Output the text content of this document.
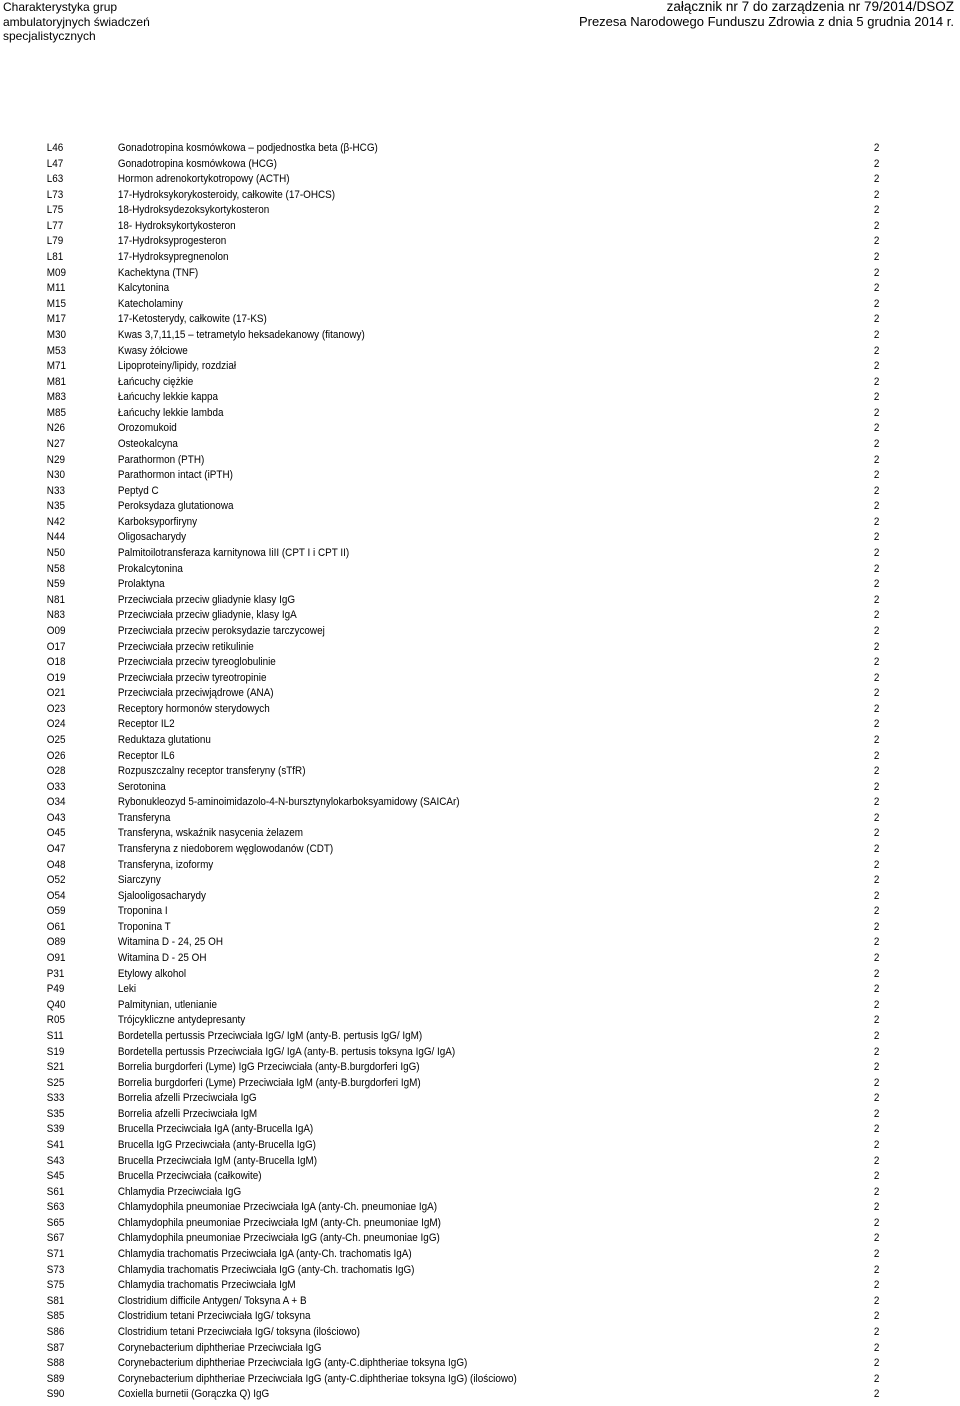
Charakterystyka grup
ambulatoryjnych świadczeń
specjalistycznych
załącznik nr 7 do zarządzenia nr 79/2014/DSOZ
Prezesa Narodowego Funduszu Zdrowia z dnia 5 grudnia 2014 r.
L46	Gonadotropina kosmówkowa – podjednostka beta (β-HCG)	2
L47	Gonadotropina kosmówkowa (HCG)	2
L63	Hormon adrenokortykotropowy (ACTH)	2
L73	17-Hydroksykorykosteroidy, całkowite (17-OHCS)	2
L75	18-Hydroksydezoksykortykosteron	2
L77	18- Hydroksykortykosteron	2
L79	17-Hydroksyprogesteron	2
L81	17-Hydroksypregnenolon	2
M09	Kachektyna (TNF)	2
M11	Kalcytonina	2
M15	Katecholaminy	2
M17	17-Ketosterydy, całkowite (17-KS)	2
M30	Kwas 3,7,11,15 – tetrametylo heksadekanowy (fitanowy)	2
M53	Kwasy żółciowe	2
M71	Lipoproteiny/lipidy, rozdział	2
M81	Łańcuchy ciężkie	2
M83	Łańcuchy lekkie kappa	2
M85	Łańcuchy lekkie lambda	2
N26	Orozomukoid	2
N27	Osteokalcyna	2
N29	Parathormon (PTH)	2
N30	Parathormon intact (iPTH)	2
N33	Peptyd C	2
N35	Peroksydaza glutationowa	2
N42	Karboksyporfiryny	2
N44	Oligosacharydy	2
N50	Palmitoilotransferaza karnitynowa IiII (CPT I i CPT II)	2
N58	Prokalcytonina	2
N59	Prolaktyna	2
N81	Przeciwciała przeciw gliadynie klasy IgG	2
N83	Przeciwciała przeciw gliadynie, klasy IgA	2
O09	Przeciwciała przeciw peroksydazie tarczycowej	2
O17	Przeciwciała przeciw retikulinie	2
O18	Przeciwciała przeciw tyreoglobulinie	2
O19	Przeciwciała przeciw tyreotropinie	2
O21	Przeciwciała przeciwjądrowe (ANA)	2
O23	Receptory hormonów sterydowych	2
O24	Receptor IL2	2
O25	Reduktaza glutationu	2
O26	Receptor IL6	2
O28	Rozpuszczalny receptor transferyny (sTfR)	2
O33	Serotonina	2
O34	Rybonukleozyd 5-aminoimidazolo-4-N-bursztynylokarboksyamidowy (SAICAr)	2
O43	Transferyna	2
O45	Transferyna, wskaźnik nasycenia żelazem	2
O47	Transferyna z niedoborem węglowodanów (CDT)	2
O48	Transferyna, izoformy	2
O52	Siarczyny	2
O54	Sjalooligosacharydy	2
O59	Troponina I	2
O61	Troponina T	2
O89	Witamina D - 24, 25 OH	2
O91	Witamina D - 25 OH	2
P31	Etylowy alkohol	2
P49	Leki	2
Q40	Palmitynian, utlenianie	2
R05	Trójcykliczne antydepresanty	2
S11	Bordetella pertussis Przeciwciała IgG/ IgM (anty-B. pertusis IgG/ IgM)	2
S19	Bordetella pertussis Przeciwciała IgG/ IgA (anty-B. pertusis toksyna IgG/ IgA)	2
S21	Borrelia burgdorferi (Lyme) IgG Przeciwciała (anty-B.burgdorferi IgG)	2
S25	Borrelia burgdorferi (Lyme) Przeciwciała IgM (anty-B.burgdorferi IgM)	2
S33	Borrelia afzelli Przeciwciała IgG	2
S35	Borrelia afzelli Przeciwciała IgM	2
S39	Brucella Przeciwciała IgA (anty-Brucella IgA)	2
S41	Brucella IgG Przeciwciała (anty-Brucella IgG)	2
S43	Brucella Przeciwciała IgM (anty-Brucella IgM)	2
S45	Brucella Przeciwciała (całkowite)	2
S61	Chlamydia Przeciwciała IgG	2
S63	Chlamydophila pneumoniae Przeciwciała IgA (anty-Ch. pneumoniae IgA)	2
S65	Chlamydophila pneumoniae Przeciwciała IgM (anty-Ch. pneumoniae IgM)	2
S67	Chlamydophila pneumoniae Przeciwciała IgG (anty-Ch. pneumoniae IgG)	2
S71	Chlamydia trachomatis Przeciwciała IgA (anty-Ch. trachomatis IgA)	2
S73	Chlamydia trachomatis Przeciwciała IgG (anty-Ch. trachomatis IgG)	2
S75	Chlamydia trachomatis Przeciwciała IgM	2
S81	Clostridium difficile Antygen/ Toksyna A + B	2
S85	Clostridium tetani Przeciwciała IgG/ toksyna	2
S86	Clostridium tetani Przeciwciała IgG/ toksyna (ilościowo)	2
S87	Corynebacterium diphtheriae Przeciwciała IgG	2
S88	Corynebacterium diphtheriae Przeciwciała IgG (anty-C.diphtheriae toksyna IgG)	2
S89	Corynebacterium diphtheriae Przeciwciała IgG (anty-C.diphtheriae toksyna IgG) (ilościowo)	2
S90	Coxiella burnetii (Gorączka Q) IgG	2
